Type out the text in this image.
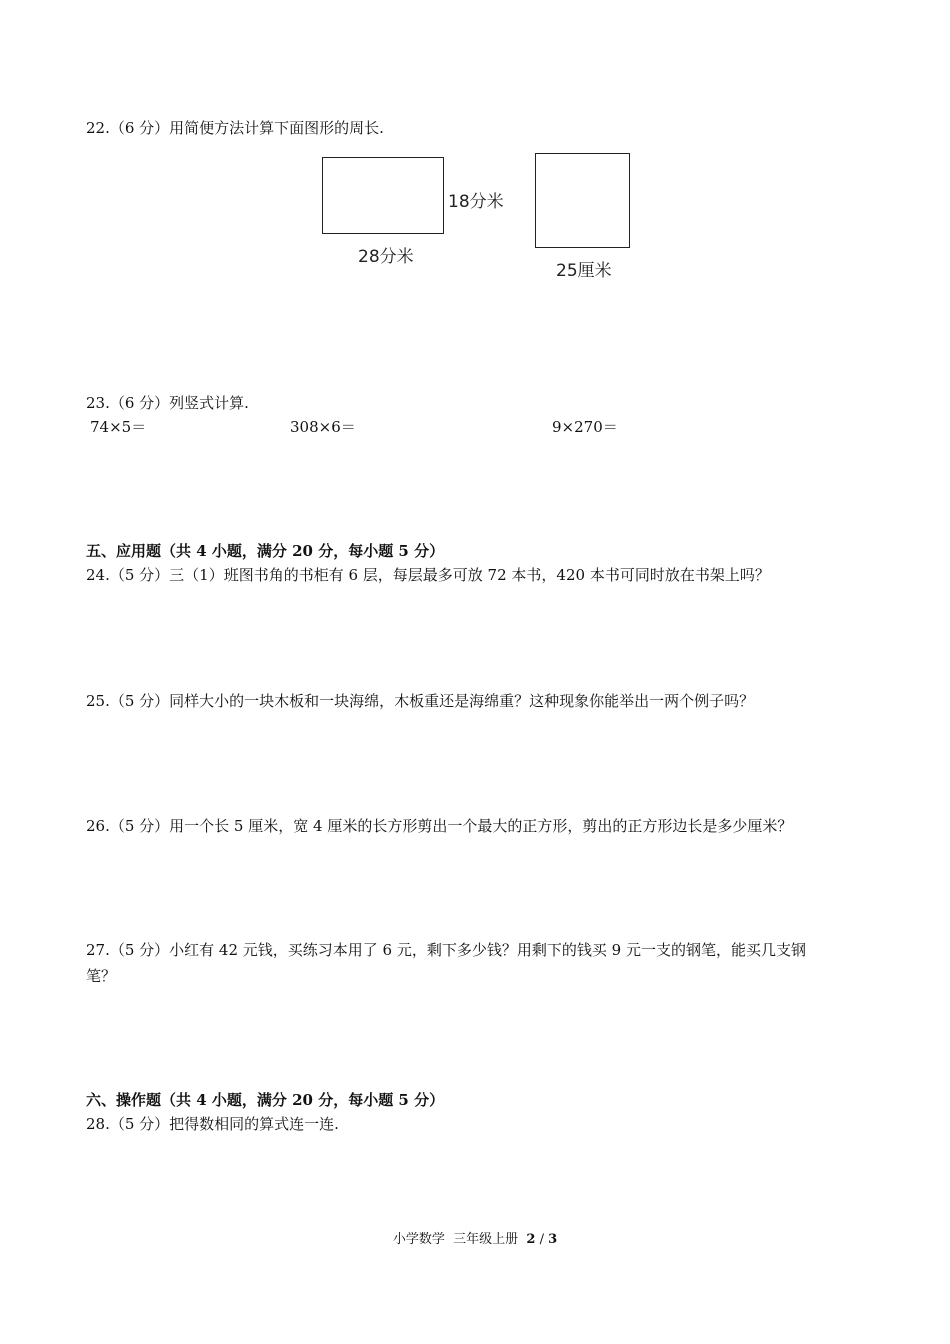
22.（6 分）用简便方法计算下面图形的周长.
18分米
28分米
25厘米
23.（6 分）列竖式计算.
74×5＝	308×6＝	9×270＝
五、应用题（共 4 小题，满分 20 分，每小题 5 分）
24.（5 分）三（1）班图书角的书柜有 6 层，每层最多可放 72 本书，420 本书可同时放在书架上吗？
25.（5 分）同样大小的一块木板和一块海绵，木板重还是海绵重？这种现象你能举出一两个例子吗？
26.（5 分）用一个长 5 厘米，宽 4 厘米的长方形剪出一个最大的正方形，剪出的正方形边长是多少厘米？
27.（5 分）小红有 42 元钱，买练习本用了 6 元，剩下多少钱？用剩下的钱买 9 元一支的钢笔，能买几支钢
笔？
六、操作题（共 4 小题，满分 20 分，每小题 5 分）
28.（5 分）把得数相同的算式连一连.
小学数学 三年级上册 2 / 3
